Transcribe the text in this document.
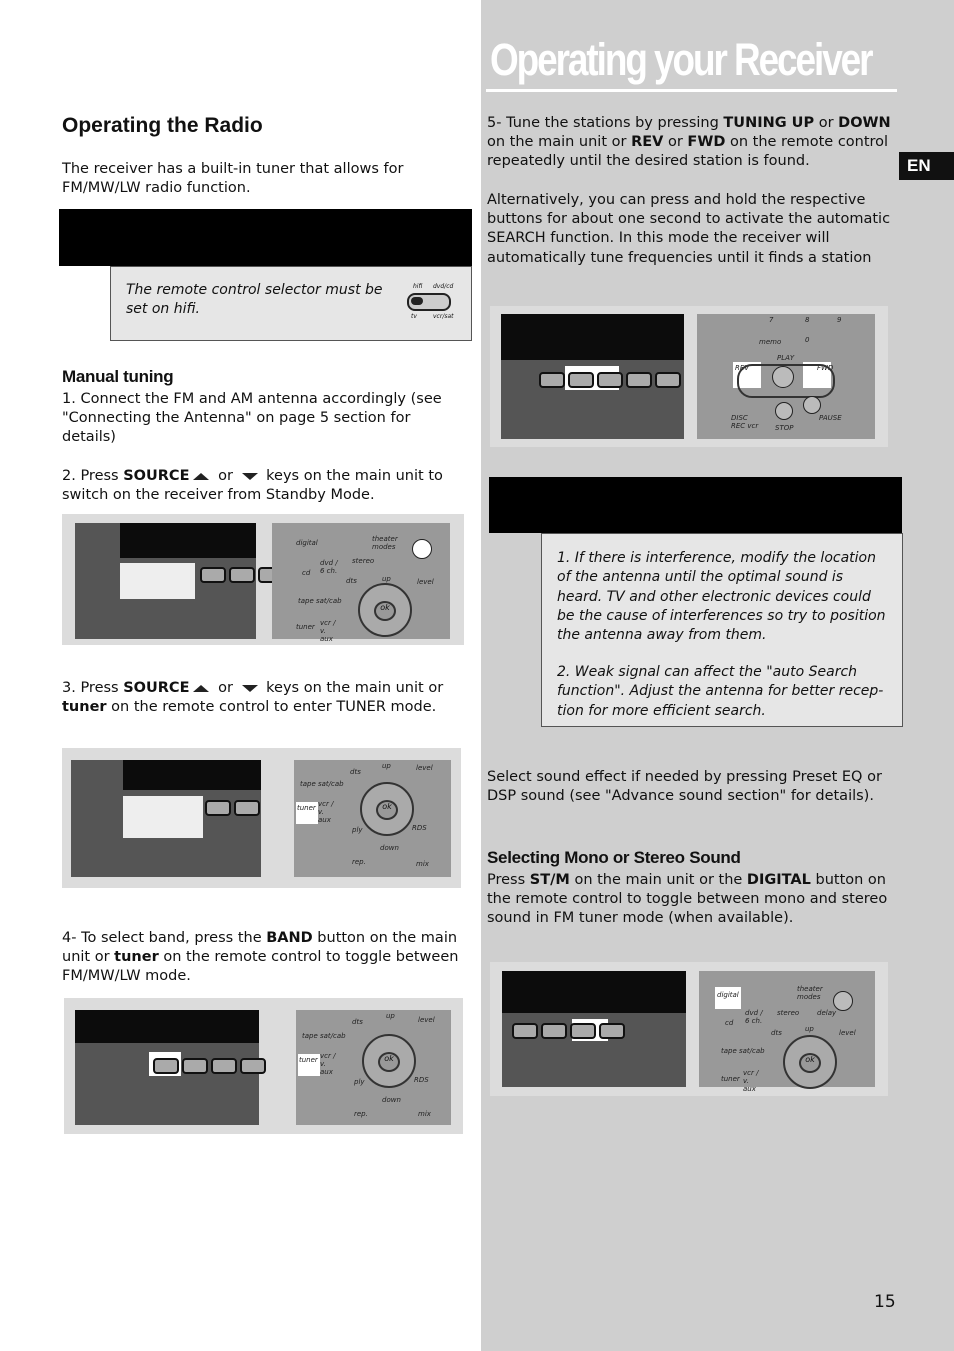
Operating your Receiver
EN
Operating the Radio
The receiver has a built-in tuner that allows for FM/MW/LW radio function.
The remote control selector must be set on hifi.
hifi dvd/cd
tv	vcr/sat
Manual tuning
1. Connect the FM and AM antenna accordingly (see "Connecting the Antenna" on page 5 section for details)
2. Press SOURCE or  keys on the main unit to switch on the receiver from Standby Mode.
digital	theater modes
cd
dvd / 6 ch.
stereo
dts	up	level
tape sat/cab
tuner vcr / v. aux
ok
3. Press SOURCE or  keys on the main unit or tuner on the remote control to enter TUNER mode.
tape sat/cab
dts
up	level
tuner vcr / v. aux
ok
ply	RDS
down
rep.	mix
4- To select band, press the BAND button on the main unit or tuner on the remote control to toggle between FM/MW/LW mode.
tape sat/cab
dts
up	level
tuner vcr / v. aux
ok
ply	RDS
down
rep.	mix
5- Tune the stations by pressing TUNING UP or DOWN on the main unit or REV or FWD on the remote control repeatedly until the desired station is found.
Alternatively, you can press and hold the respective buttons for about one second to activate the automatic SEARCH function. In this mode the receiver will automatically tune frequencies until it finds a station
7	8	9
0
memo
PLAY
REV	FWD
DISC
REC vcr STOP
PAUSE
1. If there is interference, modify the location of the antenna until the optimal sound is heard. TV and other electronic devices could be the cause of interferences so try to position the antenna away from them.
2. Weak signal can affect the "auto Search function". Adjust the antenna for better recep-tion for more efficient search.
Select sound effect if needed by pressing Preset EQ or DSP sound (see "Advance sound section" for details).
Selecting Mono or Stereo Sound
Press ST/M on the main unit or the DIGITAL button on the remote control to toggle between mono and stereo sound in FM tuner mode (when available).
digital
theater modes
cd
dvd / 6 ch.
stereo	delay
dts	up	level
tape sat/cab
tuner
vcr / v. aux
ok
15
